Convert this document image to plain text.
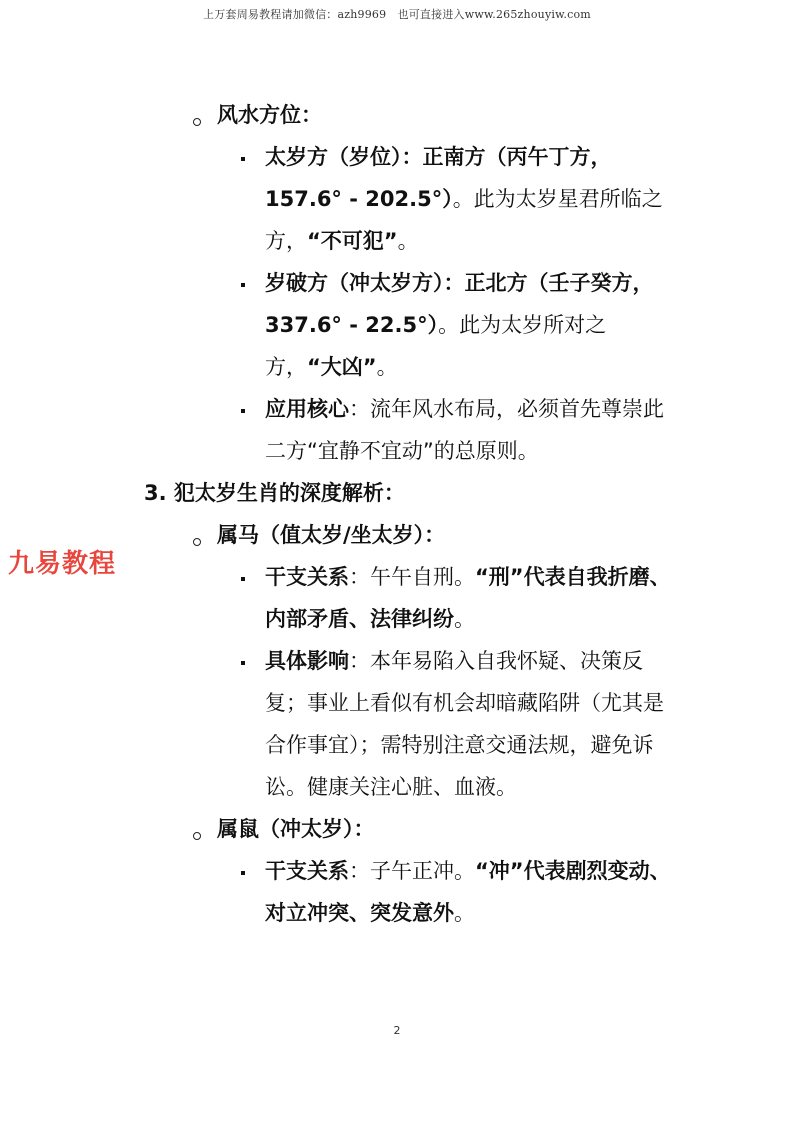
上万套周易教程请加微信：azh9969　也可直接进入www.265zhouyiw.com
九易教程

风水方位：

太岁方（岁位）：正南方（丙午丁方，157.6° - 202.5°）。此为太岁星君所临之方，“不可犯”。

岁破方（冲太岁方）：正北方（壬子癸方，337.6° - 22.5°）。此为太岁所对之方，“大凶”。

应用核心：流年风水布局，必须首先尊崇此二方“宜静不宜动”的总原则。

3. 犯太岁生肖的深度解析：

属马（值太岁/坐太岁）：

干支关系：午午自刑。“刑”代表自我折磨、内部矛盾、法律纠纷。

具体影响：本年易陷入自我怀疑、决策反复；事业上看似有机会却暗藏陷阱（尤其是合作事宜）；需特别注意交通法规，避免诉讼。健康关注心脏、血液。

属鼠（冲太岁）：

干支关系：子午正冲。“冲”代表剧烈变动、对立冲突、突发意外。

2
